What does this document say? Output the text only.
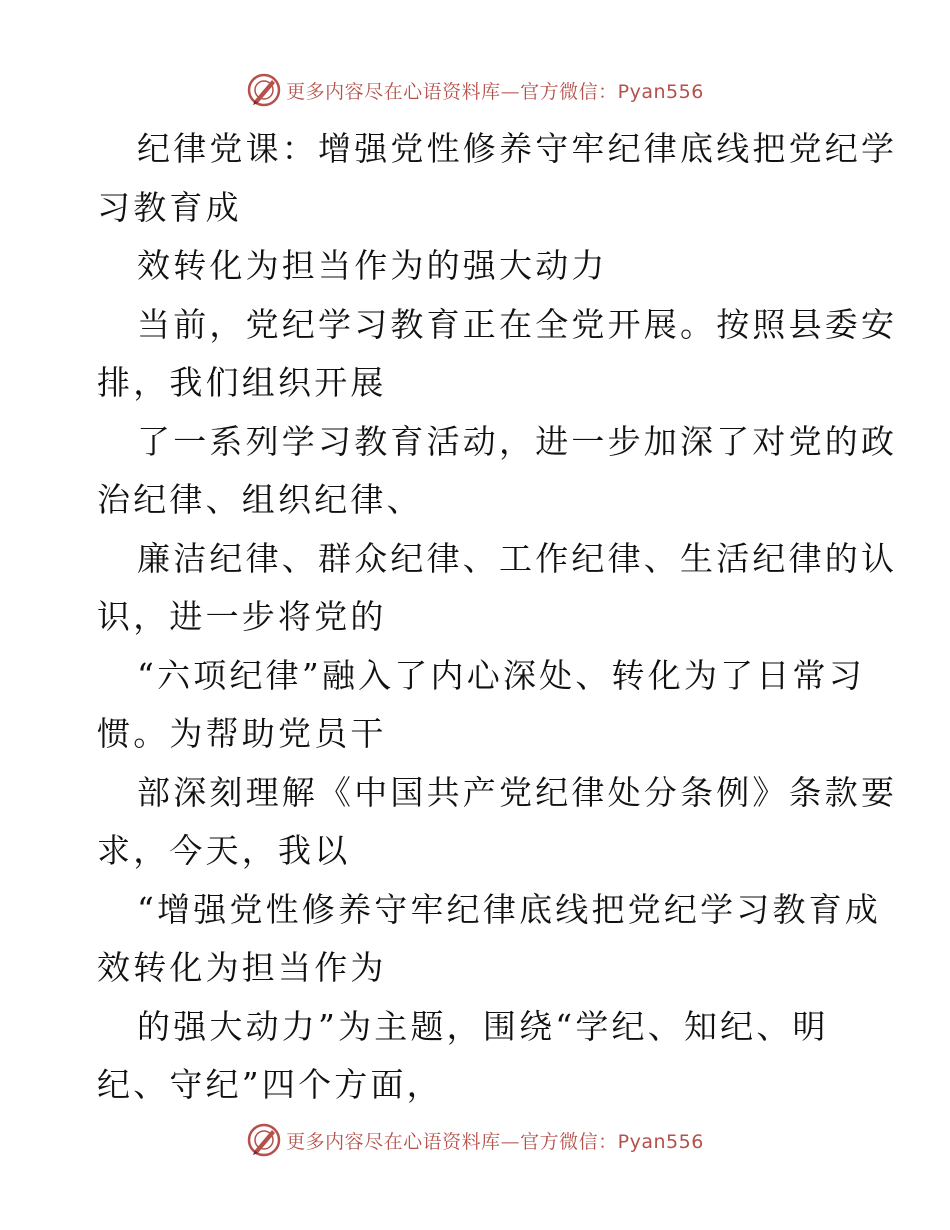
更多内容尽在心语资料库—官方微信：Pyan556

纪律党课：增强党性修养守牢纪律底线把党纪学
习教育成

效转化为担当作为的强大动力

当前，党纪学习教育正在全党开展。按照县委安
排，我们组织开展

了一系列学习教育活动，进一步加深了对党的政
治纪律、组织纪律、

廉洁纪律、群众纪律、工作纪律、生活纪律的认
识，进一步将党的

“六项纪律”融入了内心深处、转化为了日常习
惯。为帮助党员干

部深刻理解《中国共产党纪律处分条例》条款要
求，今天，我以

“增强党性修养守牢纪律底线把党纪学习教育成
效转化为担当作为

的强大动力”为主题，围绕“学纪、知纪、明
纪、守纪”四个方面，

更多内容尽在心语资料库—官方微信：Pyan556
